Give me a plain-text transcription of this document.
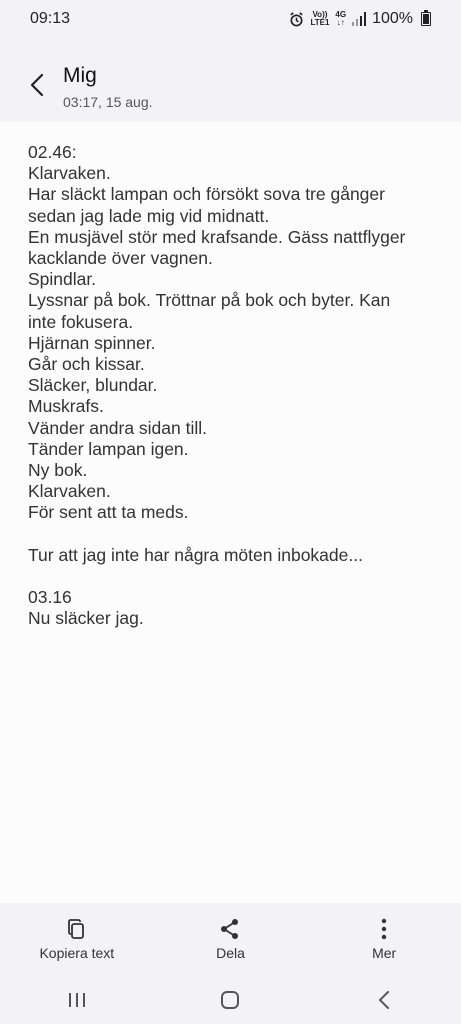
09:13	Vo))
LTE1
4G
↓↑ 100%
Mig
03:17, 15 aug.
02.46:
Klarvaken.
Har släckt lampan och försökt sova tre gånger
sedan jag lade mig vid midnatt.
En musjävel stör med krafsande. Gäss nattflyger
kacklande över vagnen.
Spindlar.
Lyssnar på bok. Tröttnar på bok och byter. Kan
inte fokusera.
Hjärnan spinner.
Går och kissar.
Släcker, blundar.
Muskrafs.
Vänder andra sidan till.
Tänder lampan igen.
Ny bok.
Klarvaken.
För sent att ta meds.
Tur att jag inte har några möten inbokade...
03.16
Nu släcker jag.
Kopiera text	Dela	Mer
